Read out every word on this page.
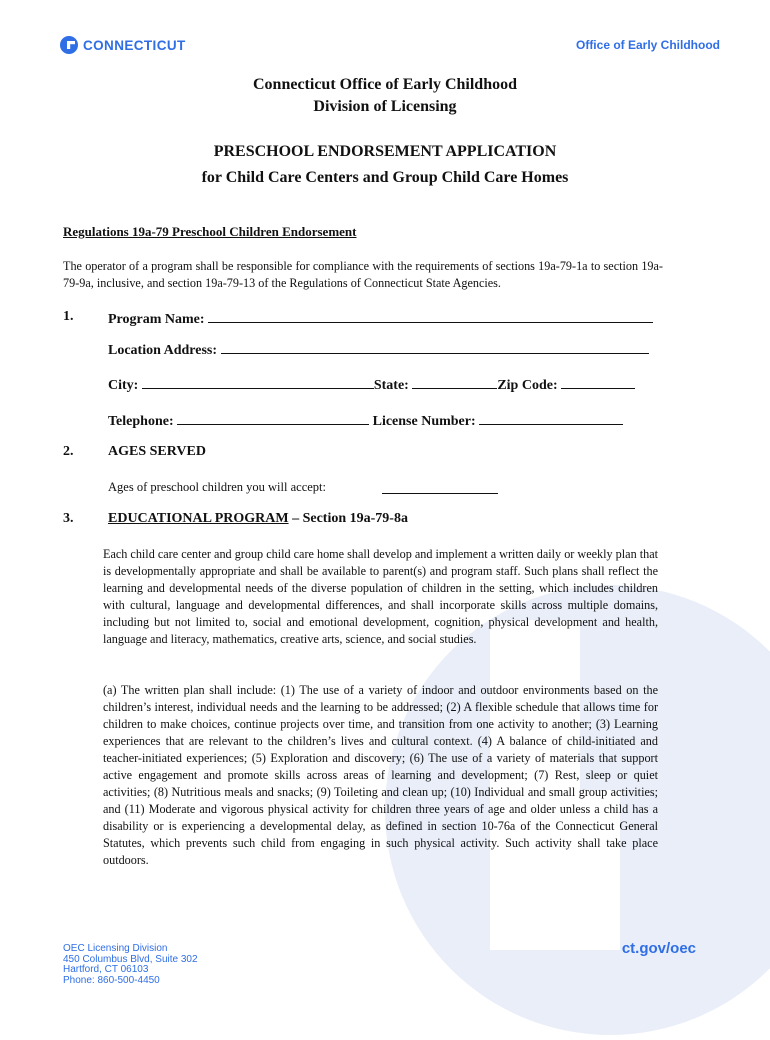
CONNECTICUT	Office of Early Childhood
Connecticut Office of Early Childhood
Division of Licensing
PRESCHOOL ENDORSEMENT APPLICATION
for Child Care Centers and Group Child Care Homes
Regulations 19a-79 Preschool Children Endorsement
The operator of a program shall be responsible for compliance with the requirements of sections 19a-79-1a to section 19a-79-9a, inclusive, and section 19a-79-13 of the Regulations of Connecticut State Agencies.
1. Program Name:
Location Address:
City:	State:	Zip Code:
Telephone:	License Number:
2. AGES SERVED
Ages of preschool children you will accept:
3. EDUCATIONAL PROGRAM – Section 19a-79-8a
Each child care center and group child care home shall develop and implement a written daily or weekly plan that is developmentally appropriate and shall be available to parent(s) and program staff. Such plans shall reflect the learning and developmental needs of the diverse population of children in the setting, which includes children with cultural, language and developmental differences, and shall incorporate skills across multiple domains, including but not limited to, social and emotional development, cognition, physical development and health, language and literacy, mathematics, creative arts, science, and social studies.
(a) The written plan shall include: (1) The use of a variety of indoor and outdoor environments based on the children’s interest, individual needs and the learning to be addressed; (2) A flexible schedule that allows time for children to make choices, continue projects over time, and transition from one activity to another; (3) Learning experiences that are relevant to the children’s lives and cultural context. (4) A balance of child-initiated and teacher-initiated experiences; (5) Exploration and discovery; (6) The use of a variety of materials that support active engagement and promote skills across areas of learning and development; (7) Rest, sleep or quiet activities; (8) Nutritious meals and snacks; (9) Toileting and clean up; (10) Individual and small group activities; and (11) Moderate and vigorous physical activity for children three years of age and older unless a child has a disability or is experiencing a developmental delay, as defined in section 10-76a of the Connecticut General Statutes, which prevents such child from engaging in such physical activity. Such activity shall take place outdoors.
OEC Licensing Division
450 Columbus Blvd, Suite 302
Hartford, CT 06103
Phone: 860-500-4450
ct.gov/oec
